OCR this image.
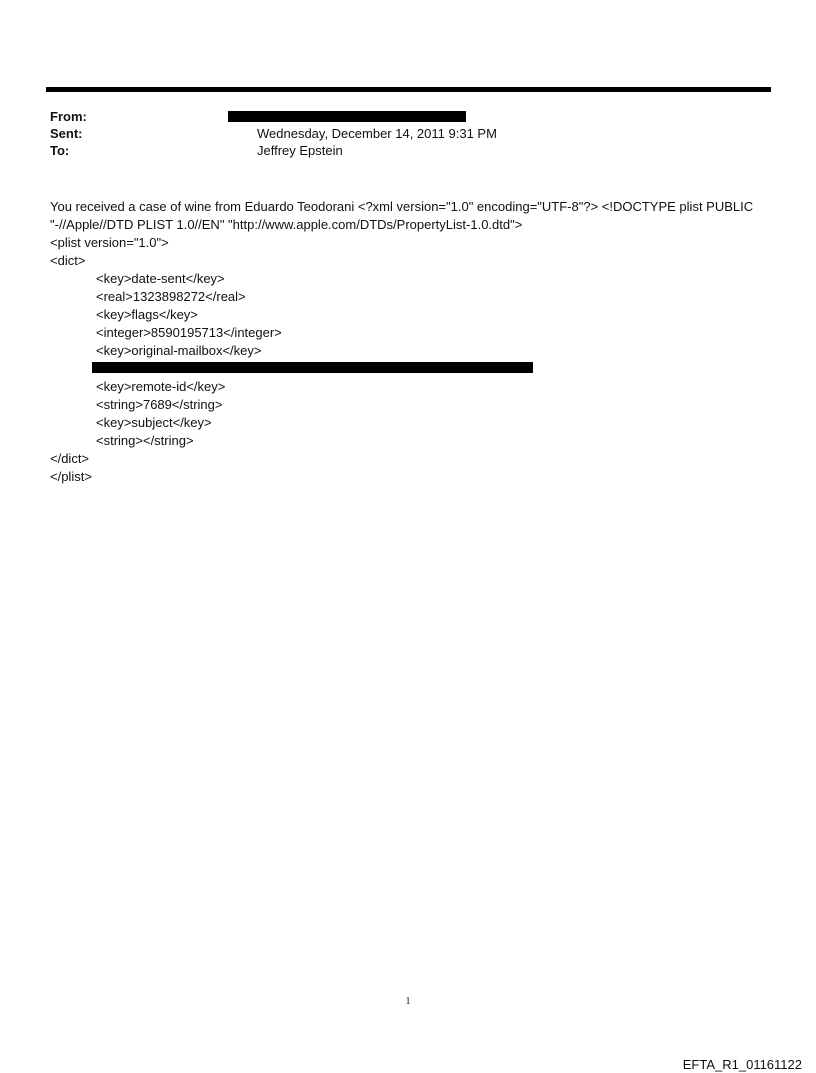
From:
Sent:	Wednesday, December 14, 2011 9:31 PM
To:	Jeffrey Epstein
You received a case of wine from Eduardo Teodorani <?xml version="1.0" encoding="UTF-8"?> <!DOCTYPE plist PUBLIC
"-//Apple//DTD PLIST 1.0//EN" "http://www.apple.com/DTDs/PropertyList-1.0.dtd">
<plist version="1.0">
<dict>
<key>date-sent</key>
<real>1323898272</real>
<key>flags</key>
<integer>8590195713</integer>
<key>original-mailbox</key>
<key>remote-id</key>
<string>7689</string>
<key>subject</key>
<string></string>
</dict>
</plist>
1
EFTA_R1_01161122
